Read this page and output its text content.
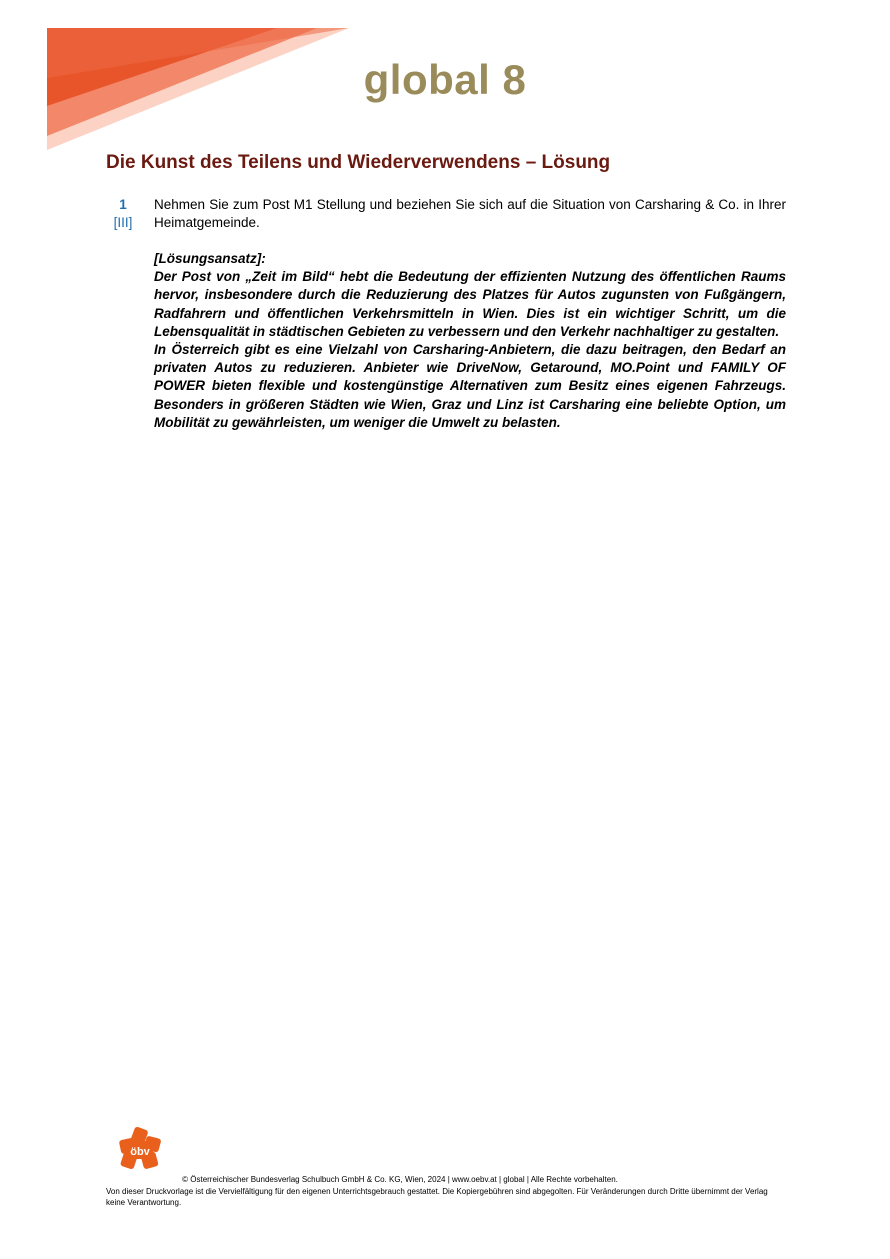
global 8
Die Kunst des Teilens und Wiederverwendens – Lösung
1
[III]
Nehmen Sie zum Post M1 Stellung und beziehen Sie sich auf die Situation von Carsharing & Co. in Ihrer Heimatgemeinde.

[Lösungsansatz]:

Der Post von „Zeit im Bild“ hebt die Bedeutung der effizienten Nutzung des öffentlichen Raums hervor, insbesondere durch die Reduzierung des Platzes für Autos zugunsten von Fußgängern, Radfahrern und öffentlichen Verkehrsmitteln in Wien. Dies ist ein wichtiger Schritt, um die Lebensqualität in städtischen Gebieten zu verbessern und den Verkehr nachhaltiger zu gestalten.

In Österreich gibt es eine Vielzahl von Carsharing-Anbietern, die dazu beitragen, den Bedarf an privaten Autos zu reduzieren. Anbieter wie DriveNow, Getaround, MO.Point und FAMILY OF POWER bieten flexible und kostengünstige Alternativen zum Besitz eines eigenen Fahrzeugs. Besonders in größeren Städten wie Wien, Graz und Linz ist Carsharing eine beliebte Option, um Mobilität zu gewährleisten, um weniger die Umwelt zu belasten.

öbv
© Österreichischer Bundesverlag Schulbuch GmbH & Co. KG, Wien, 2024 | www.oebv.at | global | Alle Rechte vorbehalten.
Von dieser Druckvorlage ist die Vervielfältigung für den eigenen Unterrichtsgebrauch gestattet. Die Kopiergebühren sind abgegolten. Für Veränderungen durch Dritte übernimmt der Verlag keine Verantwortung.
